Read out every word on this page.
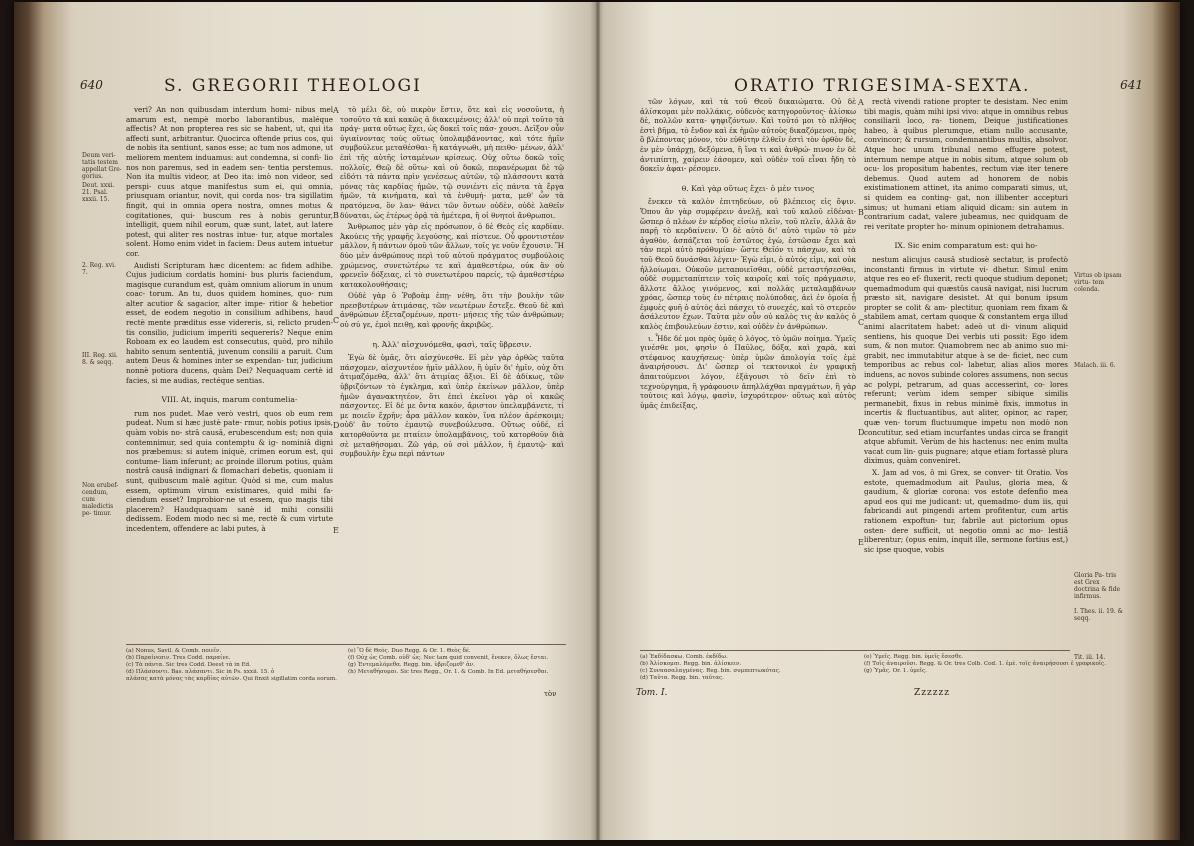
640	S. GREGORII THEOLOGI
Deum veri- tatis testem appellat Gre- gorius.
Deut. xxxi. 21. Psal. xxxii. 15.
2. Reg. xvi. 7.
III. Reg. xii. 8. & seqq.
Non erubef- cendum, cum maledictis pe- timur.

veri? An non quibusdam interdum homi- nibus mel amarum est, nempè morbo laborantibus, maléque affectis? At non propterea res sic se habent, ut, qui ita affecti sunt, arbitrantur. Quocirca oftende prius cos, qui de nobis ita sentiunt, sanos esse; ac tum nos admone, ut meliorem mentem induamus: aut condemna, si confi- lio nos non paremus, sed in eadem sen- tentia perstemus. Non ita multis videor, at Deo ita: imò non videor, sed perspi- cuus atque manifestus sum ei, qui omnia, priusquam oriantur, novit, qui corda nos- tra sigillatim fingit, qui in omnia opera nostra, omnes motus & cogitationes, qui- buscum res à nobis geruntur, intelligit, quem nihil eorum, quæ sunt, latet, aut latere potest, qui aliter res nostras intue- tur, atque mortales solent. Homo enim videt in faciem: Deus autem intuetur cor.

Audisti Scripturam hæc dicentem: ac fidem adhibe. Cujus judicium cordatis homini- bus pluris faciendum, magisque curandum est, quàm omnium aliorum in unum coac- torum. An tu, duos quidem homines, quo- rum alter acutior & sagacior, alter impe- ritior & hebetior esset, de eodem negotio in consilium adhibens, haud rectè mente præditus esse videreris, si, relicto pruden- tis consilio, judicium imperiti sequereris? Neque enim Roboam ex eo laudem est consecutus, quòd, pro nihilo habito senum sententiâ, juvenum consilii a paruit. Cum autem Deus & homines inter se expendan- tur, judicium nonnè potiora ducens, quàm Dei? Nequaquam certè id facies, si me audias, rectéque sentias.

VIII. At, inquis, marum contumelia-

rum nos pudet. Mae verò vestri, quos ob eum rem pudeat. Num si hæc justè pate- rmur, nobis potius ipsis, quàm vobis no- strâ causâ, erubescendum est; non quia contemnimur, sed quia contemptu & ig- nominiâ digni nos præbemus: si autem iniquè, crimen eorum est, qui contume- liam inferunt; ac proinde illorum potius, quàm nostrâ causâ indignari & flomachari debetis, quoniam ii sunt, quibuscum malè agitur. Quòd si me, cum malus essem, optimum virum existimares, quid mihi fa- ciendum esset? Improbior-ne ut essem, quo magis tibi placerem? Haudquaquam sanè id mihi consilii dedissem. Eodem modo nec si me, rectè & cum virtute incedentem, offendere ac labi putes, à

A
B
C
D
E

τὸ μέλι δὲ, οὐ πικρὸν ἔστιν, ὅτε καὶ εἰς νοσοῦντα, ἡ τοσοῦτο τὰ καὶ κακῶς ᾶ διακειμένοις; ἀλλ' οὐ περὶ τοῦτο τὰ πράγ- ματα οὕτως ἔχει, ὡς δοκεῖ τοῖς πάσ- χουσι. Δεῖξον οὖν ὑγιαίνοντας τοὺς οὕτως ὑπολαμβάνοντας, καὶ τότε ἡμῖν συμβούλευε μεταθέσθαι· ἢ κατάγνωθι, μὴ πειθο- μένων, ἀλλ' ἐπὶ τῆς αὐτῆς ἱσταμένων κρίσεως. Οὐχ οὕτω δοκῶ τοῖς πολλοῖς, Θεῷ δὲ οὕτω· καὶ οὐ δοκῶ, πεφανέρωμαι δὲ τῷ εἰδότι τὰ πάντα πρὶν γενέσεως αὐτῶν, τῷ πλάσσοντι κατὰ μόνας τὰς καρδίας ἡμῶν, τῷ συνιέντι εἰς πάντα τὰ ἔργα ἡμῶν, τὰ κινήματα, καὶ τὰ ἐνθυμή- ματα, μεθ' ὧν τὰ πρατόμενα, ὃν λαν- θάνει τῶν ὄντων οὐδὲν, οὐδὲ λαθεῖν δύναται, ὡς ἑτέρως ὁρᾷ τὰ ἡμέτερα, ἢ οἱ θνητοὶ ἄνθρωποι.

Ἄνθρωπος μὲν γὰρ εἰς πρόσωπον, ὁ δὲ Θεὸς εἰς καρδίαν. Ἀκούεις τῆς γραφῆς λεγούσης, καὶ πίστευε. Οὗ φροντιστέον μᾶλλον, ἢ πάντων ὁμοῦ τῶν ἄλλων, τοῖς γε νοῦν ἔχουσιν. Ἢ δύο μὲν ἀνθρώπους περὶ τοῦ αὐτοῦ πράγματος συμβούλοις χρώμενος, συνετώτέρω τε καὶ ἀμαθεστέρω, οὐκ ἂν οὐ φρενεῖν δόξειας, εἰ τὸ συνετωτέρου παρείς, τῷ ἀμαθεστέρω κατακολουθήσαις;

Οὐδὲ γὰρ ὁ Ῥοβοὰμ ἐπῃ- νέθη, ὅτι τὴν βουλὴν τῶν πρεσβυτέρων ἀτιμάσας, τῶν νεωτέρων ἔστεξε. Θεοῦ δὲ καὶ ἀνθρώπων ἐξεταζομένων, προτι- μήσεις τῆς τῶν ἀνθρώπων; οὐ σύ γε, ἐμοὶ πειθῃ, καὶ φρονῆς ἀκριβῶς.

η. Ἀλλ' αἰσχυνόμεθα, φασὶ, ταῖς ὕβρεσιν.

Ἐγὼ δὲ ὑμᾶς, ὅτι αἰσχύνεσθε. Εἰ μὲν γὰρ ὀρθῶς ταῦτα πάσχομεν, αἰσχυντέον ἡμῖν μᾶλλον, ἢ ὑμῖν δι' ἡμῖν, οὐχ ὅτι ἀτιμαζόμεθα, ἀλλ' ὅτι ἀτιμίας ἄξιοι. Εἰ δὲ ἀδίκως, τῶν ὑβριζόντων τὸ ἐγκλημα, καὶ ὑπὲρ ἐκείνων μᾶλλον, ὑπὲρ ἡμῶν ἀγανακτητέον, ὅτι ἐπεὶ ἐκεῖνοι γὰρ οἱ κακῶς πάσχοντες. Εἰ δέ με ὄντα κακὸν, ἄριστον ὑπελαμβάνετε, τί με ποιεῖν ἔχρῆν; ἆρα μᾶλλον κακὸν, ἵνα πλέον ἀρέσκοιμι; οὐδ' ἂν τοῦτο ἐμαυτῷ συνεβούλευσα. Οὕτως οὐδέ, εἰ κατορθοῦντα με πταίειν ὑπολαμβάνοις, τοῦ κατορθοῦν διὰ σὲ μεταθήσομαι. Ζῶ γάρ, οὐ σοὶ μᾶλλον, ἢ ἐμαυτῷ· καὶ συμβουλὴν ἔχω περὶ πάντων

(a) Nonus, Savil. & Comb. ποιεῖν.
(b) Παραίνεσιν. Tres Codd. παραίνε.
(c) Τὰ πάντα. Sic tres Codd. Deest τὰ in Ed.
(d) Πλάσσοντι. Bas. πλάσαντι. Sic in Ps. xxxii. 15. ὁ
πλάσας κατὰ μόνας τὰς καρδίας αὐτῶν. Qui finxit sigillatim corda eorum.
(e) Ὃ δὲ Θεὸς. Duo Regg. & Or. 1. Θεὸς δέ.
(f) Οὐχ ὡς Comb. οὐδ' ὡς. Nec tam quid convenit, ἔνεκεν, ὅλως ἔσται.
(g) Ἐντεμαλόμεθα. Regg. bin. ὑβριζομεθ' ἀν.
(h) Μεταθήσομαι. Sic tres Regg., Or. 1. & Comb. In Ed. μεταθήσεσθαι.
τὸν
ORATIO TRIGESIMA-SEXTA.	641

τῶν λόγων, καὶ τὰ τοῦ Θεοῦ δικαιώματα. Οὐ δὲ ἀλίσκομαι μὲν πολλάκις, οὐδενὸς κατηγοροῦντος· ἀλίσκω δὲ, πολλῶν κατα- ψηφιζόντων. Καὶ τοῦτό μοι τὸ πλῆθος ἐστὶ βῆμα, τὸ ἔνδον καὶ ἐκ ἡμῶν αὐτοὺς δικαζόμενοι, πρὸς ὃ βλέποντας μόνον, τὸν εὐθύτην ἐλθεῖν ἐστὶ τὸν ὀρθὸν δὲ, ἐν μὲν ὑπάρχῃ, δεξόμενα, ἢ ἵνα τι καὶ ἀνθρώ- πινον ἐν δὲ ἀντιπίπτῃ, χαίρειν ἐάσομεν, καὶ οὐδὲν τοῦ εἶναι ἤδη τὸ δοκεῖν ἀφαι- ρέσομεν.

θ. Καὶ γὰρ οὕτως ἔχει· ὁ μὲν τινος

ἕνεκεν τὰ καλὸν ἐπιτηδεύων, οὐ βλέπειος εἰς ὄψιν. Ὅπου ἂν γὰρ συμφέρειν ἀνελῇ, καὶ τοῦ καλοῦ εἰδέναι· ὥσπερ ὁ πλέων ἐν κέρδος εἰσίω πλεῖν, τοῦ πλεῖν, ἀλλὰ ἂν παρῇ τὸ κερδαίνειν. Ὁ δὲ αὐτὸ δι' αὐτὸ τιμῶν τὸ μὲν ἀγαθὸν, ἀσπάζεται τοῦ ἑστῶτος ἐγὼ, ἑστῶσαν ἔχει καὶ τὰν περὶ αὐτὸ πρόθυμίαν· ὥστε Θεῖόν τι πάσχων, καὶ τὰ τοῦ Θεοῦ δυνάσθαι λέγειν· Ἐγὼ εἰμι, ὁ αὐτός εἰμι, καὶ οὐκ ἠλλοίωμαι. Οὐκοῦν μεταποιεῖσθαι, οὐδὲ μεταστήσεσθαι, οὐδὲ συμμεταπίπτειν τοῖς καιροῖς καὶ τοῖς πράγμασιν, ἄλλοτε ἄλλος γινόμενος, καὶ πολλὰς μεταλαμβάνων χρόας, ὥσπερ τοὺς ἐν πέτραις πολύποδας, ἀεὶ ἐν ὁμοία ᾗ ἐμφυὲς φυῆ ὁ αὐτὸς ἀεὶ πάσχει τὸ συνεχές, καὶ τὸ στερεὸν ἀσάλευτον ἔχων. Ταῦτα μὲν οὖν οὐ καλὸς τις ἀν καλὸς ὁ καλὸς ἐπιβουλεύων ἐστιν, καὶ οὐδὲν ἐν ἀνθρώπων.

ι. Ἧδε δέ μοι πρὸς ὑμᾶς ὁ λόγος, τὸ ὑμῶν ποίημα. Ὑμεῖς γινέσθε μοι, φησὶν ὁ Παῦλος, δόξα, καὶ χαρὰ, καὶ στέφανος καυχήσεως· ὑπὲρ ὑμῶν ἀπολογία τοῖς ἐμὲ ἀναιρήσουσι. Δι' ὥσπερ οἱ τεκτονικοὶ ἐν γραφικῇ ἀπαιτούμενοι λόγον, ἐξάγουσι τὸ δεῖν ἐπὶ τὸ τεχνούργημα, ἢ γράφουσιν ἀπηλλάχθαι πραγμάτων, ἢ γὰρ τούτοις καὶ λόγῳ, φασὶν, ἰσχυρότερον· οὕτως καὶ αὐτὸς ὑμᾶς ἐπιδείξας,

A
B
C
D
E

rectà vivendi ratione propter te desistam. Nec enim tibi magis, quàm mihi ipsi vivo: atque in omnibus rebus consiliarii loco, ra- tionem, Deique justificationes habeo, à quibus plerumque, etiam nullo accusante, convincor; & rursum, condemnantibus multis, absolvor. Atque hoc unum tribunal nemo effugere potest, internum nempe atque in nobis situm, atque solum ob ocu- los propositum habentes, rectum viæ iter tenere debemus. Quod autem ad honorem de nobis existimationem attinet, ita animo comparati simus, ut, si quidem ea conting- gat, non illibenter accepturi simus; ut humani etiam aliquid dicam: sin autem in contrarium cadat, valere jubeamus, nec quidquam de rei veritate propter ho- minum opinionem detrahamus.

IX. Sic enim comparatum est: qui ho-

nestum alicujus causâ studiosè sectatur, is profectò inconstanti firmus in virtute vi- dhetur. Simul enim atque res eo ef- fluxerit, recti quoque studium deponet; quemadmodum qui quæstûs causâ navigat, nisi lucrum præsto sit, navigare desistet. At qui bonum ipsum propter se colit & am- plectitur, quoniam rem fixam & stabilem amat, certam quoque & constantem erga illud animi alacritatem habet: adeò ut di- vinum aliquid sentiens, his quoque Dei verbis uti possit: Ego idem sum, & non mutor. Quamobrem nec ab animo suo mi- grabit, nec immutabitur atque à se de- ficiet, nec cum temporibus ac rebus col- labetur, alias alios mores induens, ac novos subinde colores assumens, non secus ac polypi, petrarum, ad quas accesserint, co- lores referunt; verùm idem semper sibique similis permanebit, fixus in rebus minimè fixis, immotus in incertis & fluctuantibus, aut aliter, opinor, ac raper, quæ ven- torum fluctuumque impetu non modò non concutitur, sed etiam incurfantes undas circa se frangit atque abfumit. Verùm de his hactenus: nec enim multa vacat cum lin- guis pugnare; atque etiam fortassè plura diximus, quàm conveniret.

X. Jam ad vos, ô mi Grex, se conver- tit Oratio. Vos estote, quemadmodum ait Paulus, gloria mea, & gaudium, & gloriæ corona: vos estote defenfio mea apud eos qui me judicant: ut, quemadmo- dum iis, qui fabricandi aut pingendi artem profitentur, cum artis rationem expoftun- tur, fabrile aut pictorium opus osten- dere sufficit, ut negotio omni ac mo- lestiâ liberentur; (opus enim, inquit ille, sermone fortius est,) sic ipse quoque, vobis

Virtus ob ipsam virtu- tem colenda.
Malach. iii. 6.
Gloria Pa- tris est Grex doctrina & fide infirmus.
I. Thes. ii. 19. & seqq.
Tit. iii. 14.
(a) Ἐκδίδασκω. Comb. ἐκδίδω.
(b) Ἀλίσκομαι. Regg. bin. ἀλίσκειν.
(c) Συνπασαλαγμένας. Reg. bin. συμπεπτωκότας.
(d) Ταῦτα. Regg. bin. ταῦτας.
(e) Ὑμεῖς. Regg. bin. ὑμεῖς ἔσεσθε.
(f) Τοῖς ἀναιροῦσι. Regg. & Or. tres Colb. Cod. 1. ἐμὲ. τοῖς ἀναιρήσουσι ἐ γραφικοῖς.
(g) Ὑμᾶς. Or. 1. ὑμεῖς.
Tom. I.	Zzzzzz
